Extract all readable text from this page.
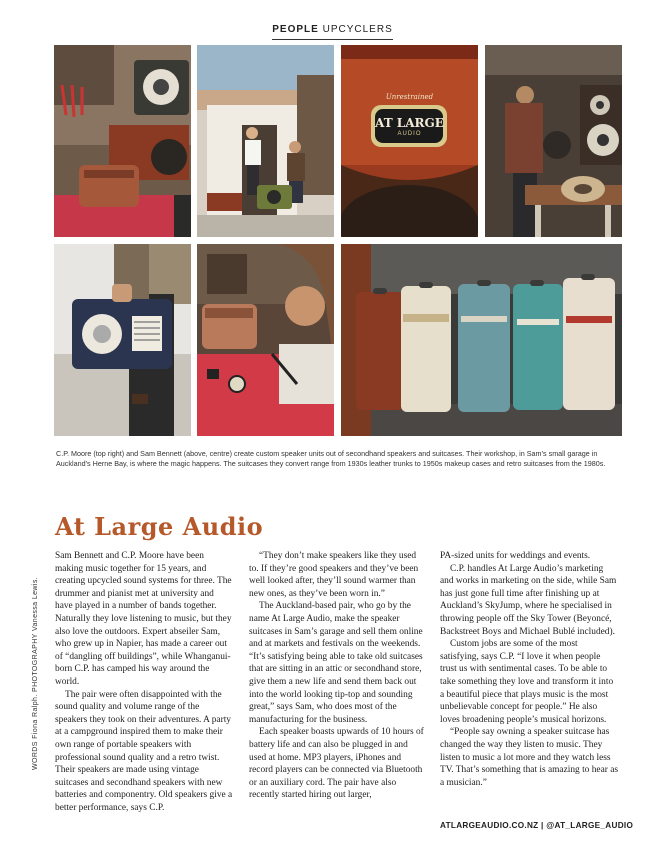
PEOPLE UPCYCLERS
Unrestrained
AT LARGE
AUDIO
C.P. Moore (top right) and Sam Bennett (above, centre) create custom speaker units out of secondhand speakers and suitcases. Their workshop, in Sam’s small garage in Auckland’s Herne Bay, is where the magic happens. The suitcases they convert range from 1930s leather trunks to 1950s makeup cases and retro suitcases from the 1980s.
At Large Audio
WORDS Fiona Ralph. PHOTOGRAPHY Vanessa Lewis.

Sam Bennett and C.P. Moore have been making music together for 15 years, and creating upcycled sound systems for three. The drummer and pianist met at university and have played in a number of bands together. Naturally they love listening to music, but they also love the outdoors. Expert abseiler Sam, who grew up in Napier, has made a career out of “dangling off buildings”, while Whanganui-born C.P. has camped his way around the world.

The pair were often disappointed with the sound quality and volume range of the speakers they took on their adventures. A party at a campground inspired them to make their own range of portable speakers with professional sound quality and a retro twist. Their speakers are made using vintage suitcases and secondhand speakers with new batteries and componentry. Old speakers give a better performance, says C.P.

“They don’t make speakers like they used to. If they’re good speakers and they’ve been well looked after, they’ll sound warmer than new ones, as they’ve been worn in.”

The Auckland-based pair, who go by the name At Large Audio, make the speaker suitcases in Sam’s garage and sell them online and at markets and festivals on the weekends. “It’s satisfying being able to take old suitcases that are sitting in an attic or secondhand store, give them a new life and send them back out into the world looking tip-top and sounding great,” says Sam, who does most of the manufacturing for the business.

Each speaker boasts upwards of 10 hours of battery life and can also be plugged in and used at home. MP3 players, iPhones and record players can be connected via Bluetooth or an auxiliary cord. The pair have also recently started hiring out larger,

PA-sized units for weddings and events.

C.P. handles At Large Audio’s marketing and works in marketing on the side, while Sam has just gone full time after finishing up at Auckland’s SkyJump, where he specialised in throwing people off the Sky Tower (Beyoncé, Backstreet Boys and Michael Bublé included).

Custom jobs are some of the most satisfying, says C.P. “I love it when people trust us with sentimental cases. To be able to take something they love and transform it into a beautiful piece that plays music is the most unbelievable concept for people.” He also loves broadening people’s musical horizons.

“People say owning a speaker suitcase has changed the way they listen to music. They listen to music a lot more and they watch less TV. That’s something that is amazing to hear as a musician.”

ATLARGEAUDIO.CO.NZ | @AT_LARGE_AUDIO
